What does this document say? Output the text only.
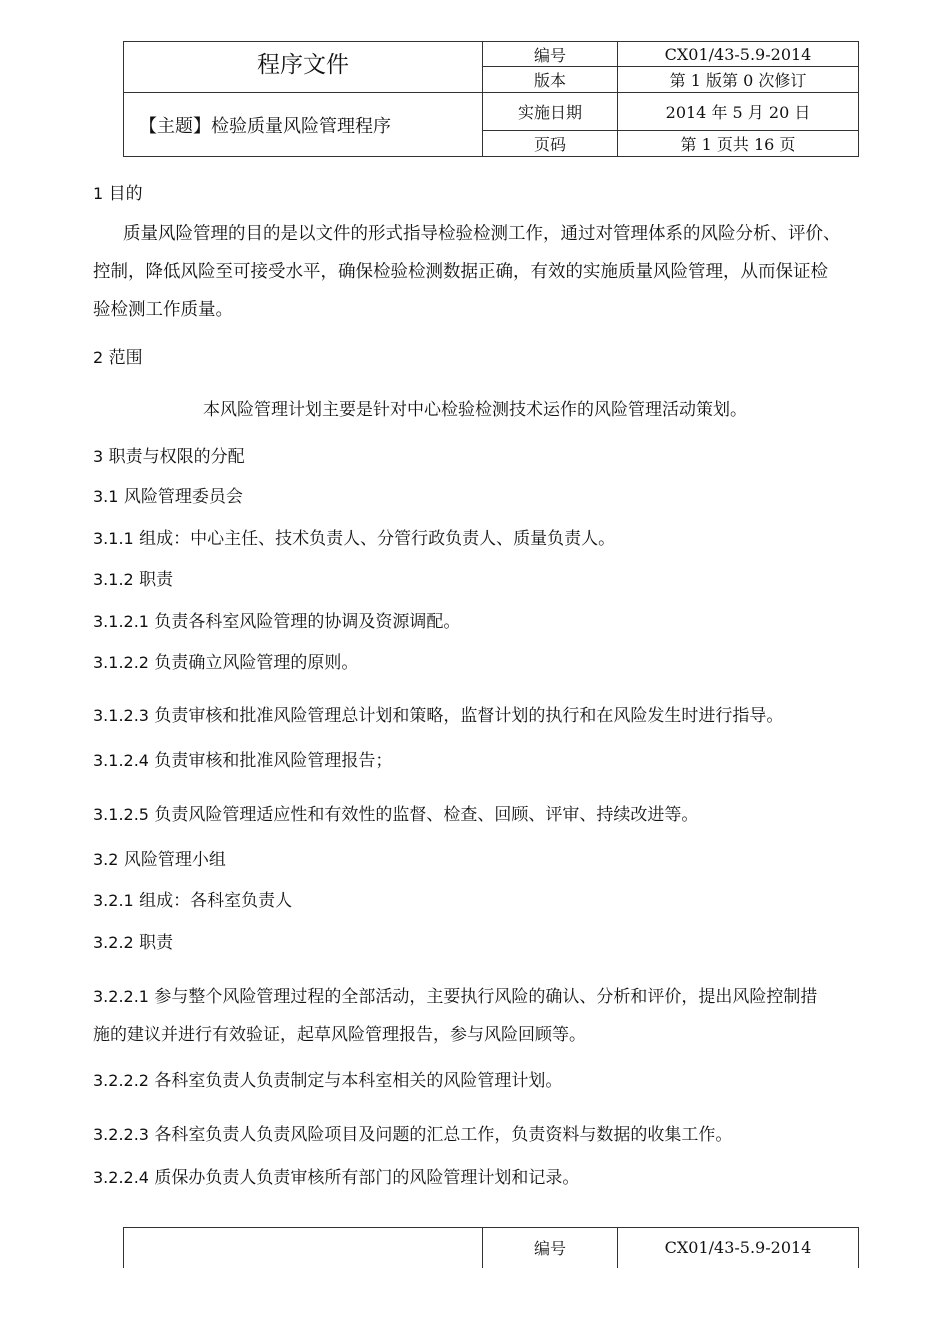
程序文件	编号	CX01/43-5.9-2014
	版本	第 1 版第 0 次修订
【主题】检验质量风险管理程序	实施日期	2014 年 5 月 20 日
	页码	第 1 页共 16 页
1 目的
质量风险管理的目的是以文件的形式指导检验检测工作，通过对管理体系的风险分析、评价、
控制，降低风险至可接受水平，确保检验检测数据正确，有效的实施质量风险管理，从而保证检
验检测工作质量。
2 范围
本风险管理计划主要是针对中心检验检测技术运作的风险管理活动策划。
3 职责与权限的分配
3.1 风险管理委员会
3.1.1 组成：中心主任、技术负责人、分管行政负责人、质量负责人。
3.1.2 职责
3.1.2.1 负责各科室风险管理的协调及资源调配。
3.1.2.2 负责确立风险管理的原则。
3.1.2.3 负责审核和批准风险管理总计划和策略，监督计划的执行和在风险发生时进行指导。
3.1.2.4 负责审核和批准风险管理报告；
3.1.2.5 负责风险管理适应性和有效性的监督、检查、回顾、评审、持续改进等。
3.2 风险管理小组
3.2.1 组成：各科室负责人
3.2.2 职责
3.2.2.1 参与整个风险管理过程的全部活动，主要执行风险的确认、分析和评价，提出风险控制措
施的建议并进行有效验证，起草风险管理报告，参与风险回顾等。
3.2.2.2 各科室负责人负责制定与本科室相关的风险管理计划。
3.2.2.3 各科室负责人负责风险项目及问题的汇总工作，负责资料与数据的收集工作。
3.2.2.4 质保办负责人负责审核所有部门的风险管理计划和记录。
	编号	CX01/43-5.9-2014
